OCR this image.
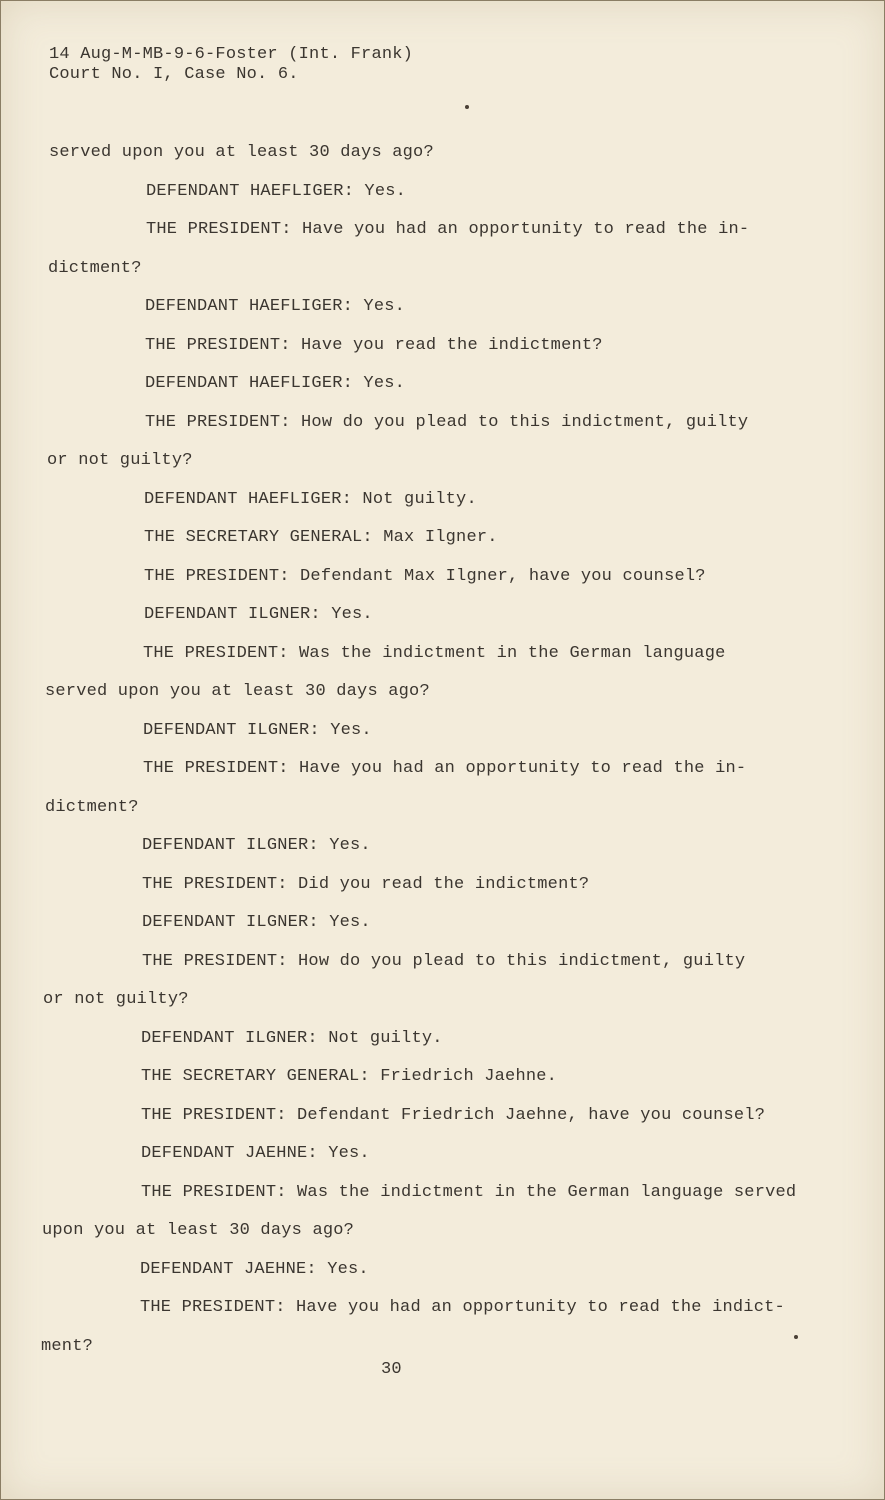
14 Aug-M-MB-9-6-Foster (Int. Frank)
Court No. I, Case No. 6.
served upon you at least 30 days ago?
DEFENDANT HAEFLIGER: Yes.
THE PRESIDENT: Have you had an opportunity to read the in-
dictment?
DEFENDANT HAEFLIGER: Yes.
THE PRESIDENT: Have you read the indictment?
DEFENDANT HAEFLIGER: Yes.
THE PRESIDENT: How do you plead to this indictment, guilty
or not guilty?
DEFENDANT HAEFLIGER: Not guilty.
THE SECRETARY GENERAL: Max Ilgner.
THE PRESIDENT: Defendant Max Ilgner, have you counsel?
DEFENDANT ILGNER: Yes.
THE PRESIDENT: Was the indictment in the German language
served upon you at least 30 days ago?
DEFENDANT ILGNER: Yes.
THE PRESIDENT: Have you had an opportunity to read the in-
dictment?
DEFENDANT ILGNER: Yes.
THE PRESIDENT: Did you read the indictment?
DEFENDANT ILGNER: Yes.
THE PRESIDENT: How do you plead to this indictment, guilty
or not guilty?
DEFENDANT ILGNER: Not guilty.
THE SECRETARY GENERAL: Friedrich Jaehne.
THE PRESIDENT: Defendant Friedrich Jaehne, have you counsel?
DEFENDANT JAEHNE: Yes.
THE PRESIDENT: Was the indictment in the German language served
upon you at least 30 days ago?
DEFENDANT JAEHNE: Yes.
THE PRESIDENT: Have you had an opportunity to read the indict-
ment?
30
